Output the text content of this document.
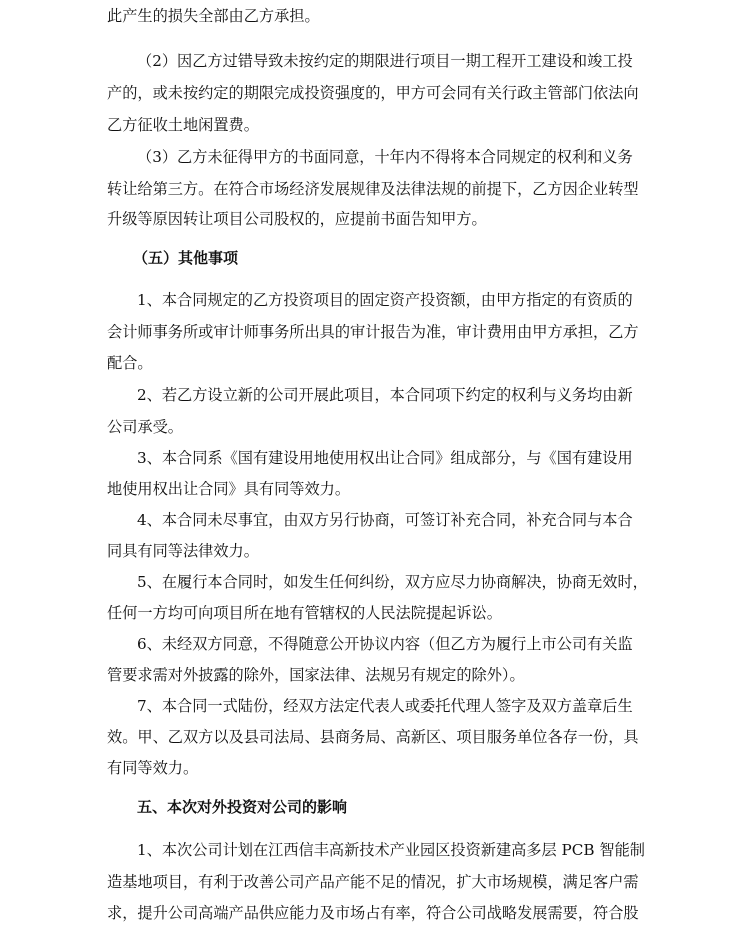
此产生的损失全部由乙方承担。
（2）因乙方过错导致未按约定的期限进行项目一期工程开工建设和竣工投
产的，或未按约定的期限完成投资强度的，甲方可会同有关行政主管部门依法向
乙方征收土地闲置费。
（3）乙方未征得甲方的书面同意，十年内不得将本合同规定的权利和义务
转让给第三方。在符合市场经济发展规律及法律法规的前提下，乙方因企业转型
升级等原因转让项目公司股权的，应提前书面告知甲方。
（五）其他事项
1、本合同规定的乙方投资项目的固定资产投资额，由甲方指定的有资质的
会计师事务所或审计师事务所出具的审计报告为准，审计费用由甲方承担，乙方
配合。
2、若乙方设立新的公司开展此项目，本合同项下约定的权利与义务均由新
公司承受。
3、本合同系《国有建设用地使用权出让合同》组成部分，与《国有建设用
地使用权出让合同》具有同等效力。
4、本合同未尽事宜，由双方另行协商，可签订补充合同，补充合同与本合
同具有同等法律效力。
5、在履行本合同时，如发生任何纠纷，双方应尽力协商解决，协商无效时，
任何一方均可向项目所在地有管辖权的人民法院提起诉讼。
6、未经双方同意，不得随意公开协议内容（但乙方为履行上市公司有关监
管要求需对外披露的除外，国家法律、法规另有规定的除外）。
7、本合同一式陆份，经双方法定代表人或委托代理人签字及双方盖章后生
效。甲、乙双方以及县司法局、县商务局、高新区、项目服务单位各存一份，具
有同等效力。
五、本次对外投资对公司的影响
1、本次公司计划在江西信丰高新技术产业园区投资新建高多层 PCB 智能制
造基地项目，有利于改善公司产品产能不足的情况，扩大市场规模，满足客户需
求，提升公司高端产品供应能力及市场占有率，符合公司战略发展需要，符合股
